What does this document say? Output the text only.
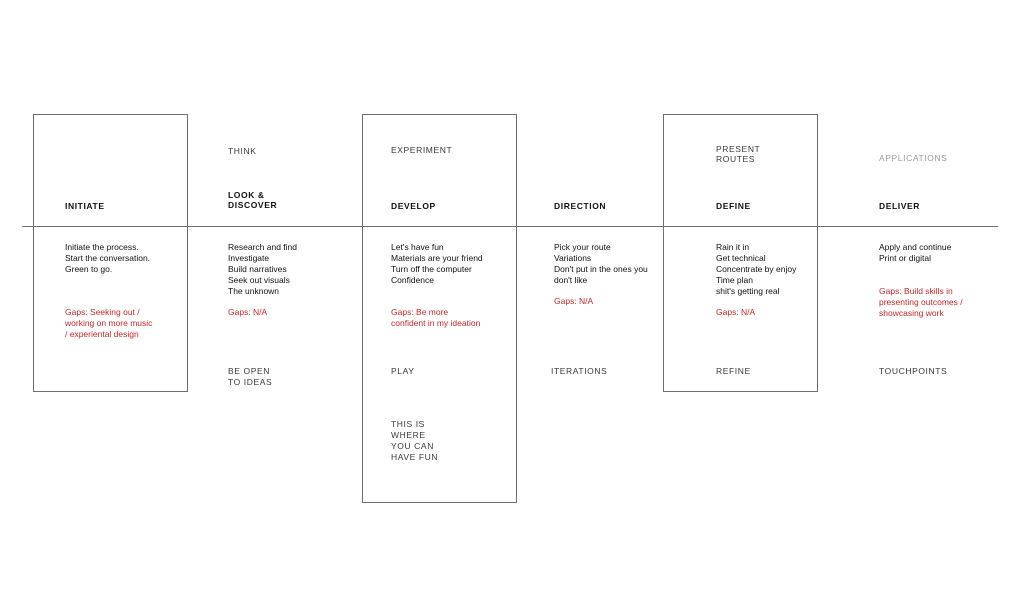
INITIATE
Initiate the process.
Start the conversation.
Green to go.
Gaps: Seeking out /
working on more music
/ experiental design
THINK
LOOK &
DISCOVER
Research and find
Investigate
Build narratives
Seek out visuals
The unknown
Gaps: N/A
BE OPEN
TO IDEAS
EXPERIMENT
DEVELOP
Let's have fun
Materials are your friend
Turn off the computer
Confidence
Gaps: Be more
confident in my ideation
PLAY
THIS IS
WHERE
YOU CAN
HAVE FUN
DIRECTION
Pick your route
Variations
Don't put in the ones you
don't like
Gaps: N/A
ITERATIONS
PRESENT
ROUTES
DEFINE
Rain it in
Get technical
Concentrate by enjoy
Time plan
shit's getting real
Gaps: N/A
REFINE
APPLICATIONS
DELIVER
Apply and continue
Print or digital
Gaps: Build skills in
presenting outcomes /
showcasing work
TOUCHPOINTS
